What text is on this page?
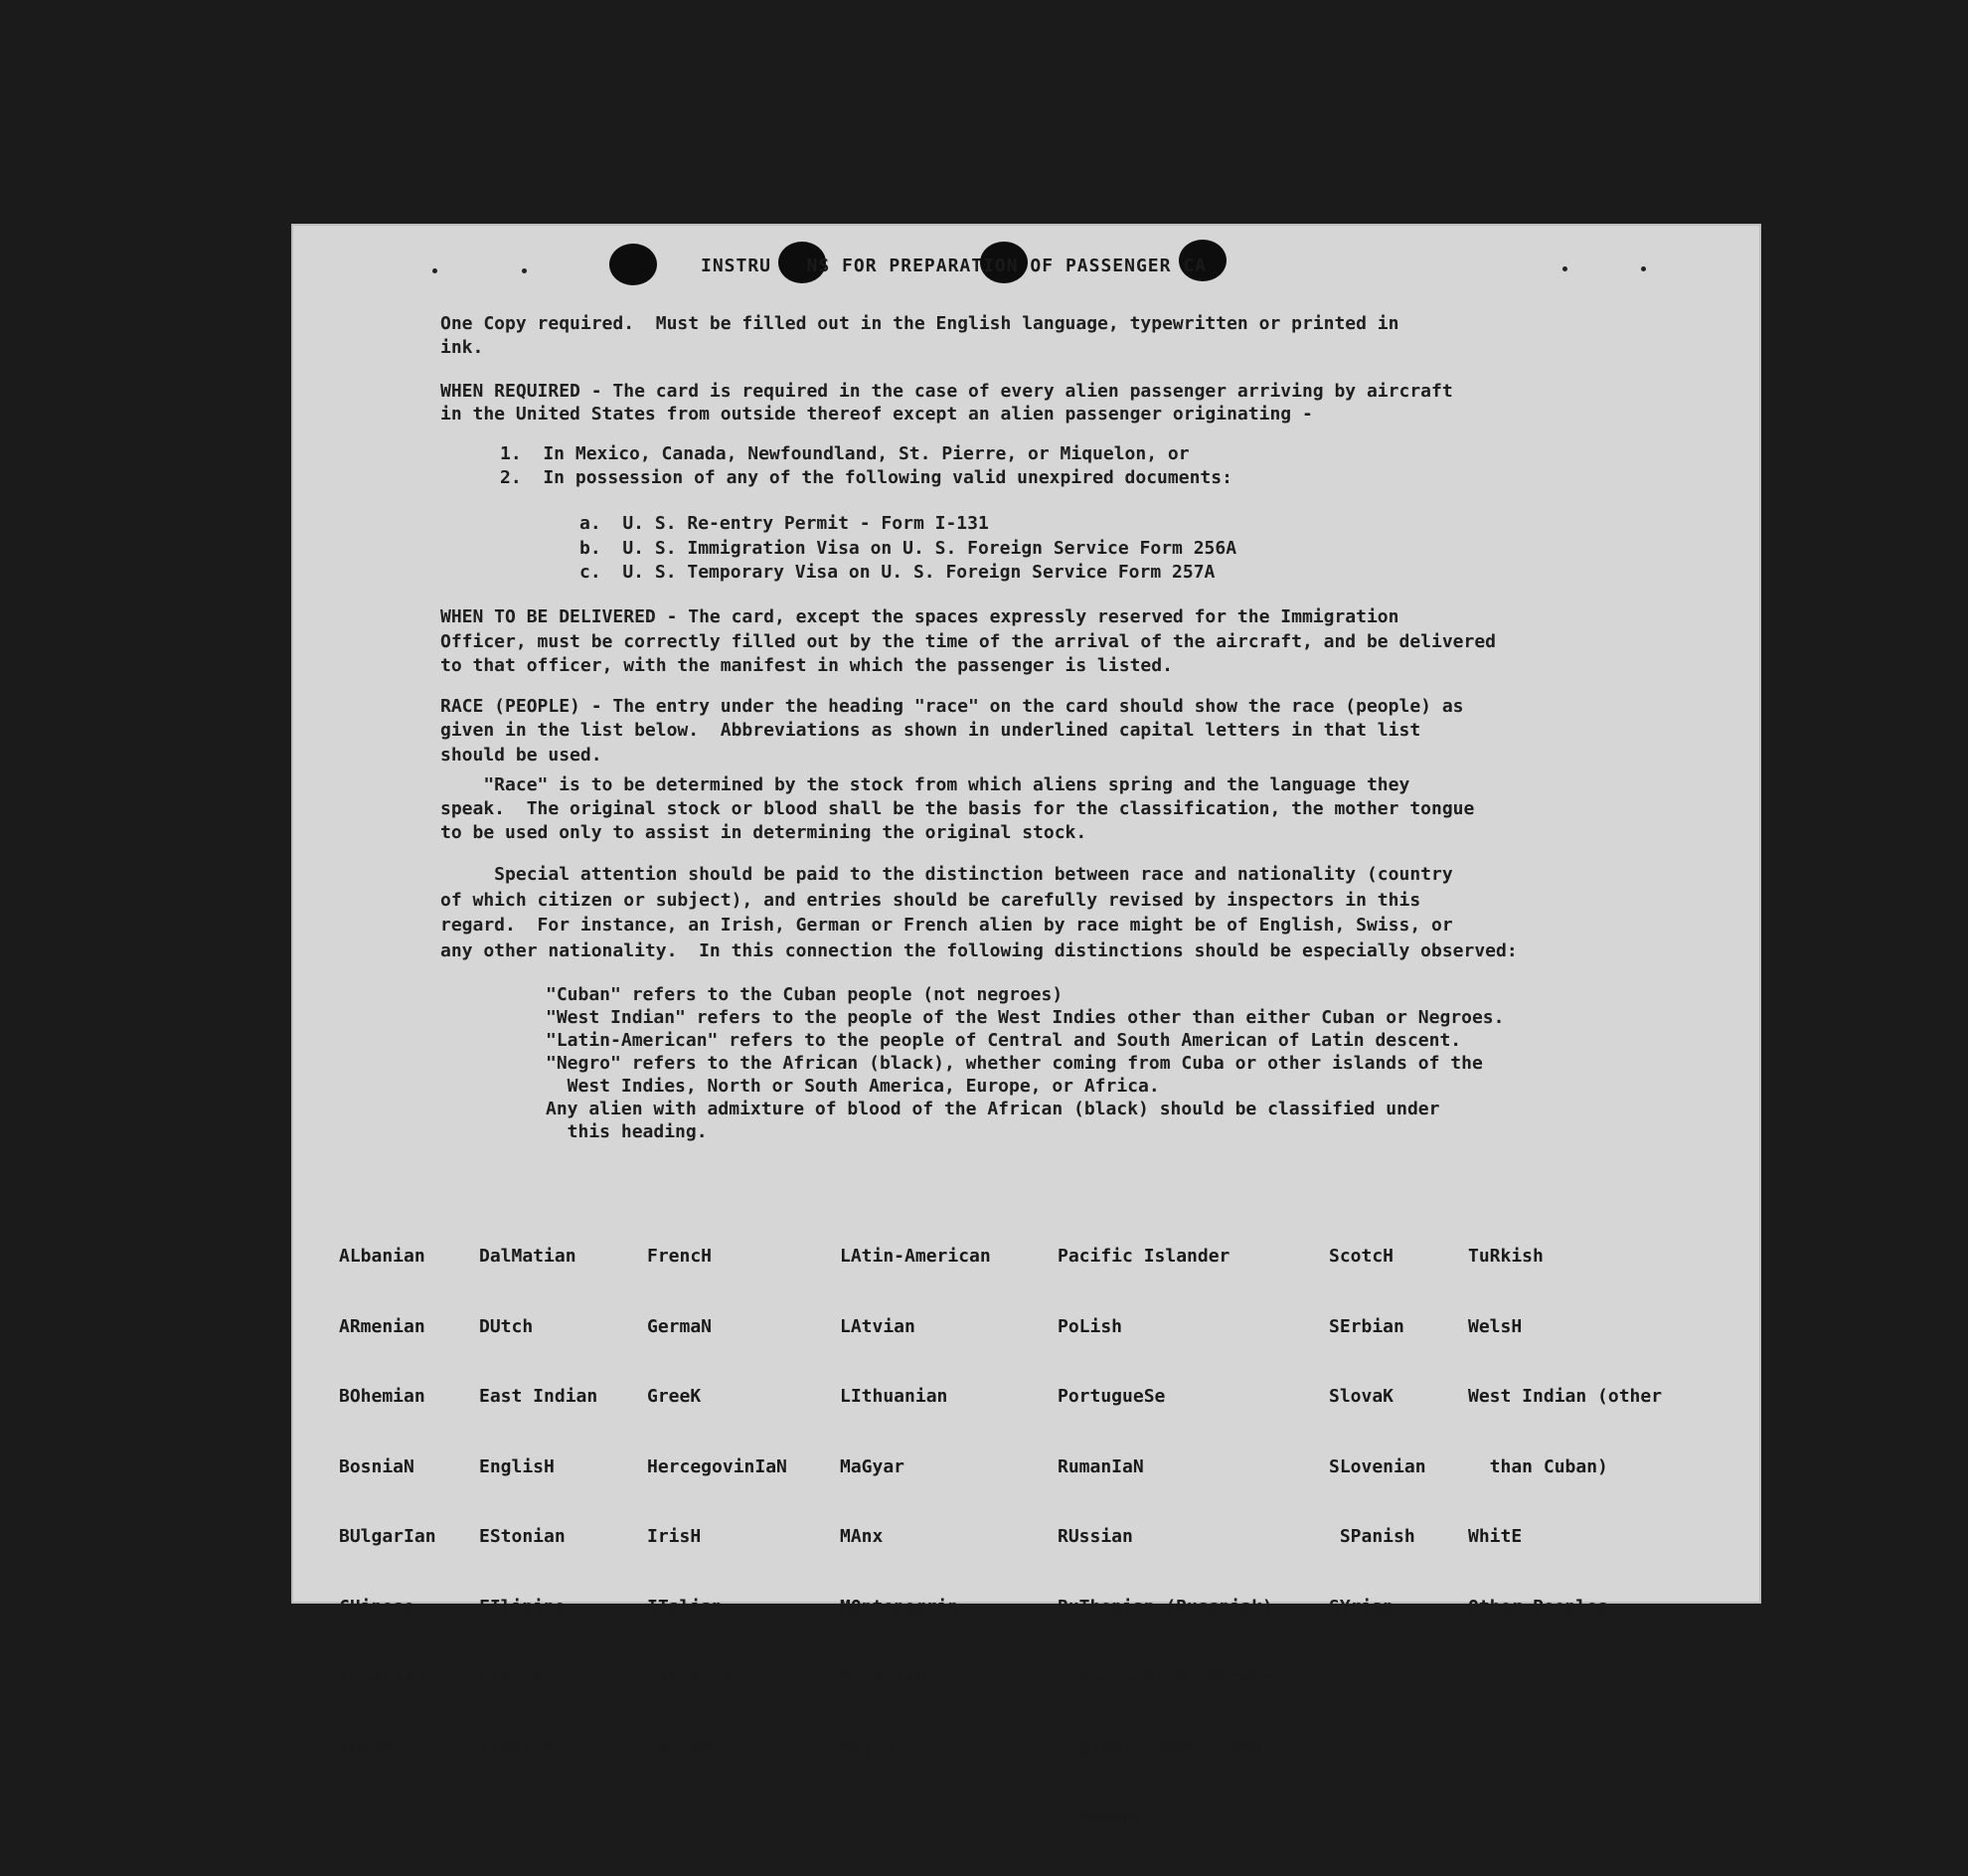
INSTRU   NS FOR PREPARATION OF PASSENGER CA
One Copy required.  Must be filled out in the English language, typewritten or printed in
ink.
WHEN REQUIRED - The card is required in the case of every alien passenger arriving by aircraft
in the United States from outside thereof except an alien passenger originating -
1.  In Mexico, Canada, Newfoundland, St. Pierre, or Miquelon, or
2.  In possession of any of the following valid unexpired documents:
a.  U. S. Re-entry Permit - Form I-131
b.  U. S. Immigration Visa on U. S. Foreign Service Form 256A
c.  U. S. Temporary Visa on U. S. Foreign Service Form 257A
WHEN TO BE DELIVERED - The card, except the spaces expressly reserved for the Immigration
Officer, must be correctly filled out by the time of the arrival of the aircraft, and be delivered
to that officer, with the manifest in which the passenger is listed.
RACE (PEOPLE) - The entry under the heading "race" on the card should show the race (people) as
given in the list below.  Abbreviations as shown in underlined capital letters in that list
should be used.
"Race" is to be determined by the stock from which aliens spring and the language they
speak.  The original stock or blood shall be the basis for the classification, the mother tongue
to be used only to assist in determining the original stock.
Special attention should be paid to the distinction between race and nationality (country
of which citizen or subject), and entries should be carefully revised by inspectors in this
regard.  For instance, an Irish, German or French alien by race might be of English, Swiss, or
any other nationality.  In this connection the following distinctions should be especially observed:
"Cuban" refers to the Cuban people (not negroes)
"West Indian" refers to the people of the West Indies other than either Cuban or Negroes.
"Latin-American" refers to the people of Central and South American of Latin descent.
"Negro" refers to the African (black), whether coming from Cuba or other islands of the
West Indies, North or South America, Europe, or Africa.
Any alien with admixture of blood of the African (black) should be classified under
this heading.

ALbanian

ARmenian

BOhemian

BosniaN

BUlgarIan

CHinese

CRoatian

CUban

DalMatian

DUtch

East Indian

EnglisH

EStonian

FIlipino

FINish

FLemish

FrencH

GermaN

GreeK

HercegovinIaN

IrisH

ITalian

JaPanese

KoreaN

LAtin-American

LAtvian

LIthuanian

MaGyar

MAnx

MOntenegrin

MoravIaN

NEgro

Pacific Islander

PoLish

PortugueSe

RumanIaN

RUssian

RuThenian (Russniak)

ScandinavIaN (Norwe-

gians, Danes, and

Swedes)

ScotcH

SErbian

SlovaK

SLovenian

SPanish

SYrian

TuRkish

WelsH

West Indian (other

than Cuban)

WhitE

Other Peoples
